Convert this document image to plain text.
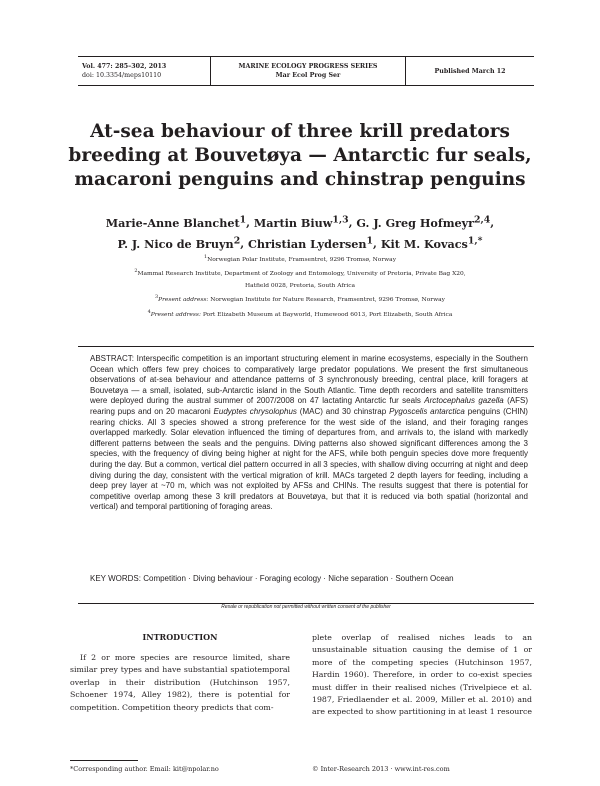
Vol. 477: 285–302, 2013
doi: 10.3354/meps10110
MARINE ECOLOGY PROGRESS SERIES
Mar Ecol Prog Ser
Published March 12
At-sea behaviour of three krill predators breeding at Bouvetøya — Antarctic fur seals, macaroni penguins and chinstrap penguins
Marie-Anne Blanchet$^1$, Martin Biuw$^{1,3}$, G. J. Greg Hofmeyr$^{2,4}$,
P. J. Nico de Bruyn$^2$, Christian Lydersen$^1$, Kit M. Kovacs$^{1,*}$
$^1$Norwegian Polar Institute, Framsentret, 9296 Tromsø, Norway
$^2$Mammal Research Institute, Department of Zoology and Entomology, University of Pretoria, Private Bag X20,
Hatfield 0028, Pretoria, South Africa
$^3$Present address: Norwegian Institute for Nature Research, Framsentret, 9296 Tromsø, Norway
$^4$Present address: Port Elizabeth Museum at Bayworld, Humewood 6013, Port Elizabeth, South Africa

ABSTRACT: Interspecific competition is an important structuring element in marine ecosystems, especially in the Southern Ocean which offers few prey choices to comparatively large predator populations. We present the first simultaneous observations of at-sea behaviour and attendance patterns of 3 synchronously breeding, central place, krill foragers at Bouvetøya — a small, isolated, sub-Antarctic island in the South Atlantic. Time depth recorders and satellite transmitters were deployed during the austral summer of 2007/2008 on 47 lactating Antarctic fur seals Arctocephalus gazella (AFS) rearing pups and on 20 macaroni Eudyptes chrysolophus (MAC) and 30 chinstrap Pygoscelis antarctica penguins (CHIN) rearing chicks. All 3 species showed a strong preference for the west side of the island, and their foraging ranges overlapped markedly. Solar elevation influenced the timing of departures from, and arrivals to, the island with markedly different patterns between the seals and the penguins. Diving patterns also showed significant differences among the 3 species, with the frequency of diving being higher at night for the AFS, while both penguin species dove more frequently during the day. But a common, vertical diel pattern occurred in all 3 species, with shallow diving occurring at night and deep diving during the day, consistent with the vertical migration of krill. MACs targeted 2 depth layers for feeding, including a deep prey layer at ~70 m, which was not exploited by AFSs and CHINs. The results suggest that there is potential for competitive overlap among these 3 krill predators at Bouvetøya, but that it is reduced via both spatial (horizontal and vertical) and temporal partitioning of foraging areas.

KEY WORDS: Competition · Diving behaviour · Foraging ecology · Niche separation · Southern Ocean

Resale or republication not permitted without written consent of the publisher

INTRODUCTION

If 2 or more species are resource limited, share similar prey types and have substantial spatiotemporal overlap in their distribution (Hutchinson 1957, Schoener 1974, Alley 1982), there is potential for competition. Competition theory predicts that com-

plete overlap of realised niches leads to an unsustainable situation causing the demise of 1 or more of the competing species (Hutchinson 1957, Hardin 1960). Therefore, in order to co-exist species must differ in their realised niches (Trivelpiece et al. 1987, Friedlaender et al. 2009, Miller et al. 2010) and are expected to show partitioning in at least 1 resource

*Corresponding author. Email: kit@npolar.no	© Inter-Research 2013 · www.int-res.com
